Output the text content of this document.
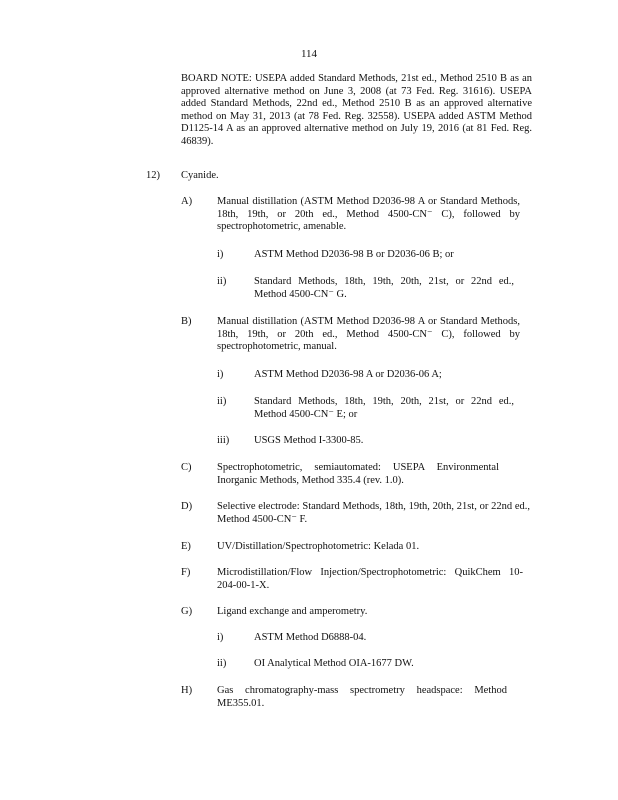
114
BOARD NOTE: USEPA added Standard Methods, 21st ed., Method 2510 B as an approved alternative method on June 3, 2008 (at 73 Fed. Reg. 31616). USEPA added Standard Methods, 22nd ed., Method 2510 B as an approved alternative method on May 31, 2013 (at 78 Fed. Reg. 32558). USEPA added ASTM Method D1125-14 A as an approved alternative method on July 19, 2016 (at 81 Fed. Reg. 46839).
12) Cyanide.
A) Manual distillation (ASTM Method D2036-98 A or Standard Methods, 18th, 19th, or 20th ed., Method 4500-CN⁻ C), followed by spectrophotometric, amenable.
i)	ASTM Method D2036-98 B or D2036-06 B; or
ii)	Standard Methods, 18th, 19th, 20th, 21st, or 22nd ed., Method 4500-CN⁻ G.
B) Manual distillation (ASTM Method D2036-98 A or Standard Methods, 18th, 19th, or 20th ed., Method 4500-CN⁻ C), followed by spectrophotometric, manual.
i)	ASTM Method D2036-98 A or D2036-06 A;
ii)	Standard Methods, 18th, 19th, 20th, 21st, or 22nd ed., Method 4500-CN⁻ E; or
iii) USGS Method I-3300-85.
C) Spectrophotometric, semiautomated: USEPA Environmental Inorganic Methods, Method 335.4 (rev. 1.0).
D) Selective electrode: Standard Methods, 18th, 19th, 20th, 21st, or 22nd ed., Method 4500-CN⁻ F.
E) UV/Distillation/Spectrophotometric: Kelada 01.
F)	Microdistillation/Flow Injection/Spectrophotometric: QuikChem 10-204-00-1-X.
G) Ligand exchange and amperometry.
i)	ASTM Method D6888-04.
ii)	OI Analytical Method OIA-1677 DW.
H) Gas chromatography-mass spectrometry headspace: Method ME355.01.
